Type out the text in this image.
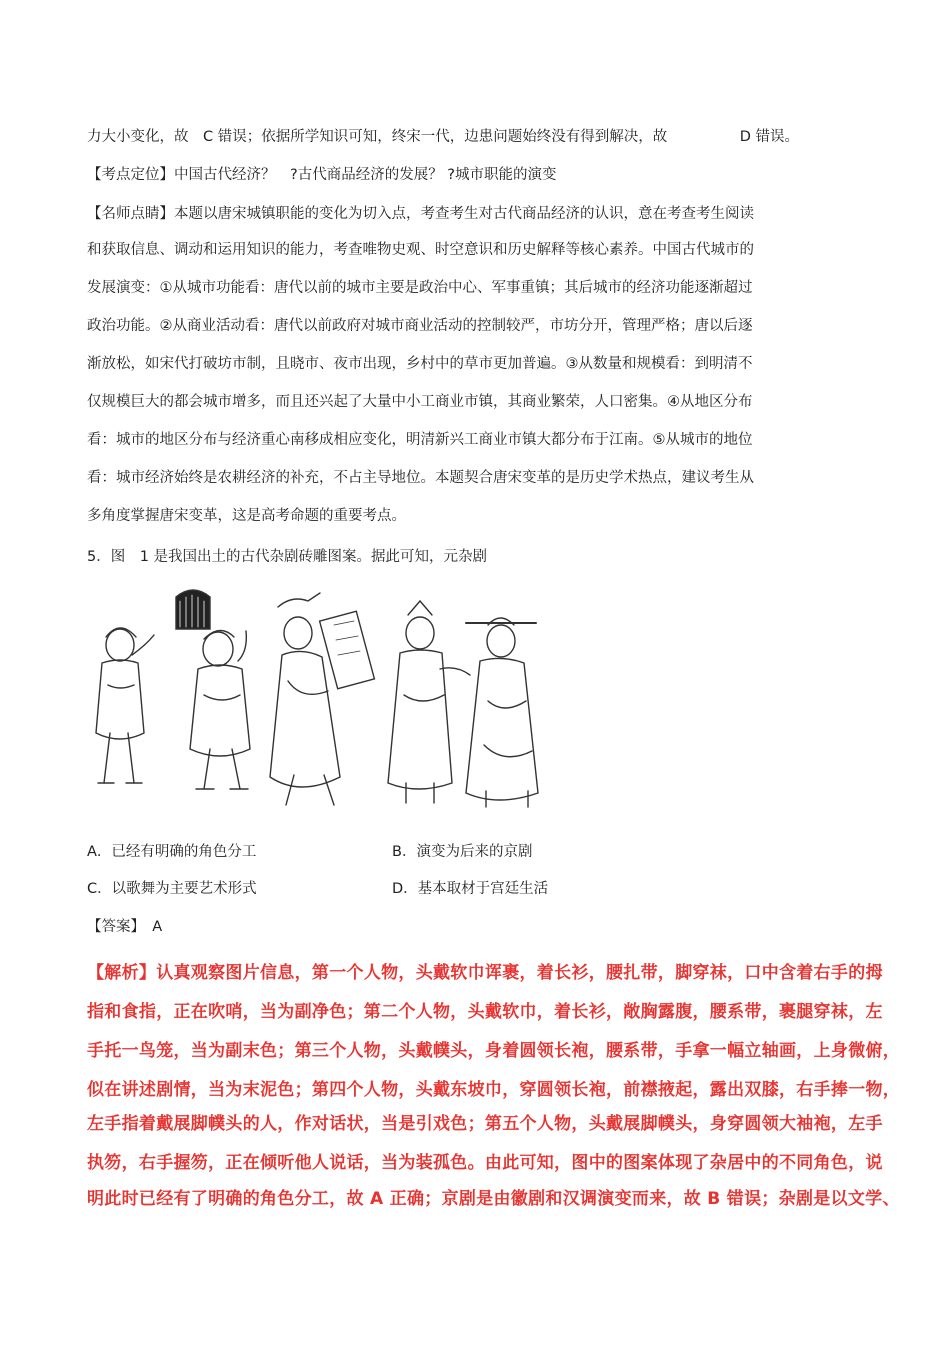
力大小变化，故　C 错误；依据所学知识可知，终宋一代，边患问题始终没有得到解决，故　　　　　D 错误。
【考点定位】中国古代经济？　?古代商品经济的发展？ ?城市职能的演变
【名师点睛】本题以唐宋城镇职能的变化为切入点，考查考生对古代商品经济的认识，意在考查考生阅读
和获取信息、调动和运用知识的能力，考查唯物史观、时空意识和历史解释等核心素养。中国古代城市的
发展演变：①从城市功能看：唐代以前的城市主要是政治中心、军事重镇；其后城市的经济功能逐渐超过
政治功能。②从商业活动看：唐代以前政府对城市商业活动的控制较严，市坊分开，管理严格；唐以后逐
渐放松，如宋代打破坊市制，且晓市、夜市出现，乡村中的草市更加普遍。③从数量和规模看：到明清不
仅规模巨大的都会城市增多，而且还兴起了大量中小工商业市镇，其商业繁荣，人口密集。④从地区分布
看：城市的地区分布与经济重心南移成相应变化，明清新兴工商业市镇大都分布于江南。⑤从城市的地位
看：城市经济始终是农耕经济的补充，不占主导地位。本题契合唐宋变革的是历史学术热点，建议考生从
多角度掌握唐宋变革，这是高考命题的重要考点。
5．图　1 是我国出土的古代杂剧砖雕图案。据此可知，元杂剧
A．已经有明确的角色分工	B．演变为后来的京剧
C．以歌舞为主要艺术形式	D．基本取材于宫廷生活
【答案】　A
【解析】认真观察图片信息，第一个人物，头戴软巾诨裹，着长衫，腰扎带，脚穿袜，口中含着右手的拇
指和食指，正在吹哨，当为副净色；第二个人物，头戴软巾，着长衫，敞胸露腹，腰系带，裹腿穿袜，左
手托一鸟笼，当为副末色；第三个人物，头戴幞头，身着圆领长袍，腰系带，手拿一幅立轴画，上身微俯，
似在讲述剧情，当为末泥色；第四个人物，头戴东坡巾，穿圆领长袍，前襟掖起，露出双膝，右手捧一物，
左手指着戴展脚幞头的人，作对话状，当是引戏色；第五个人物，头戴展脚幞头，身穿圆领大袖袍，左手
执笏，右手握笏，正在倾听他人说话，当为装孤色。由此可知，图中的图案体现了杂居中的不同角色，说
明此时已经有了明确的角色分工，故 A 正确；京剧是由徽剧和汉调演变而来，故 B 错误；杂剧是以文学、
